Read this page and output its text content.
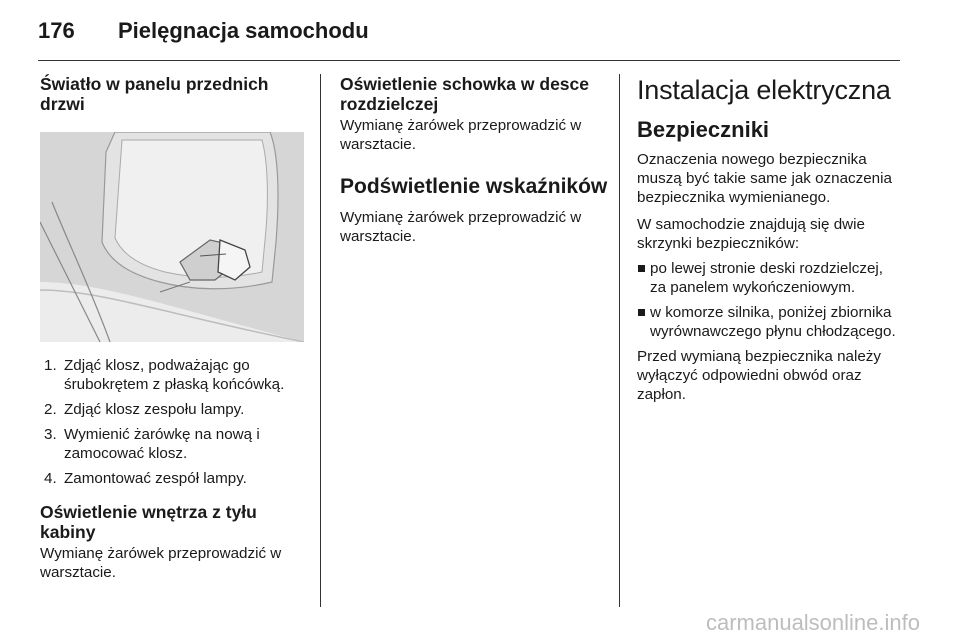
176 Pielęgnacja samochodu
Światło w panelu przednich drzwi
1. Zdjąć klosz, podważając go śrubokrętem z płaską końcówką.
2. Zdjąć klosz zespołu lampy.
3. Wymienić żarówkę na nową i zamocować klosz.
4. Zamontować zespół lampy.
Oświetlenie wnętrza z tyłu kabiny

Wymianę żarówek przeprowadzić w warsztacie.

Oświetlenie schowka w desce rozdzielczej

Wymianę żarówek przeprowadzić w warsztacie.

Podświetlenie wskaźników

Wymianę żarówek przeprowadzić w warsztacie.

Instalacja elektryczna
Bezpieczniki

Oznaczenia nowego bezpiecznika muszą być takie same jak oznaczenia bezpiecznika wymienianego.

W samochodzie znajdują się dwie skrzynki bezpieczników:

po lewej stronie deski rozdzielczej, za panelem wykończeniowym.
w komorze silnika, poniżej zbiornika wyrównawczego płynu chłodzącego.

Przed wymianą bezpiecznika należy wyłączyć odpowiedni obwód oraz zapłon.

carmanualsonline.info
